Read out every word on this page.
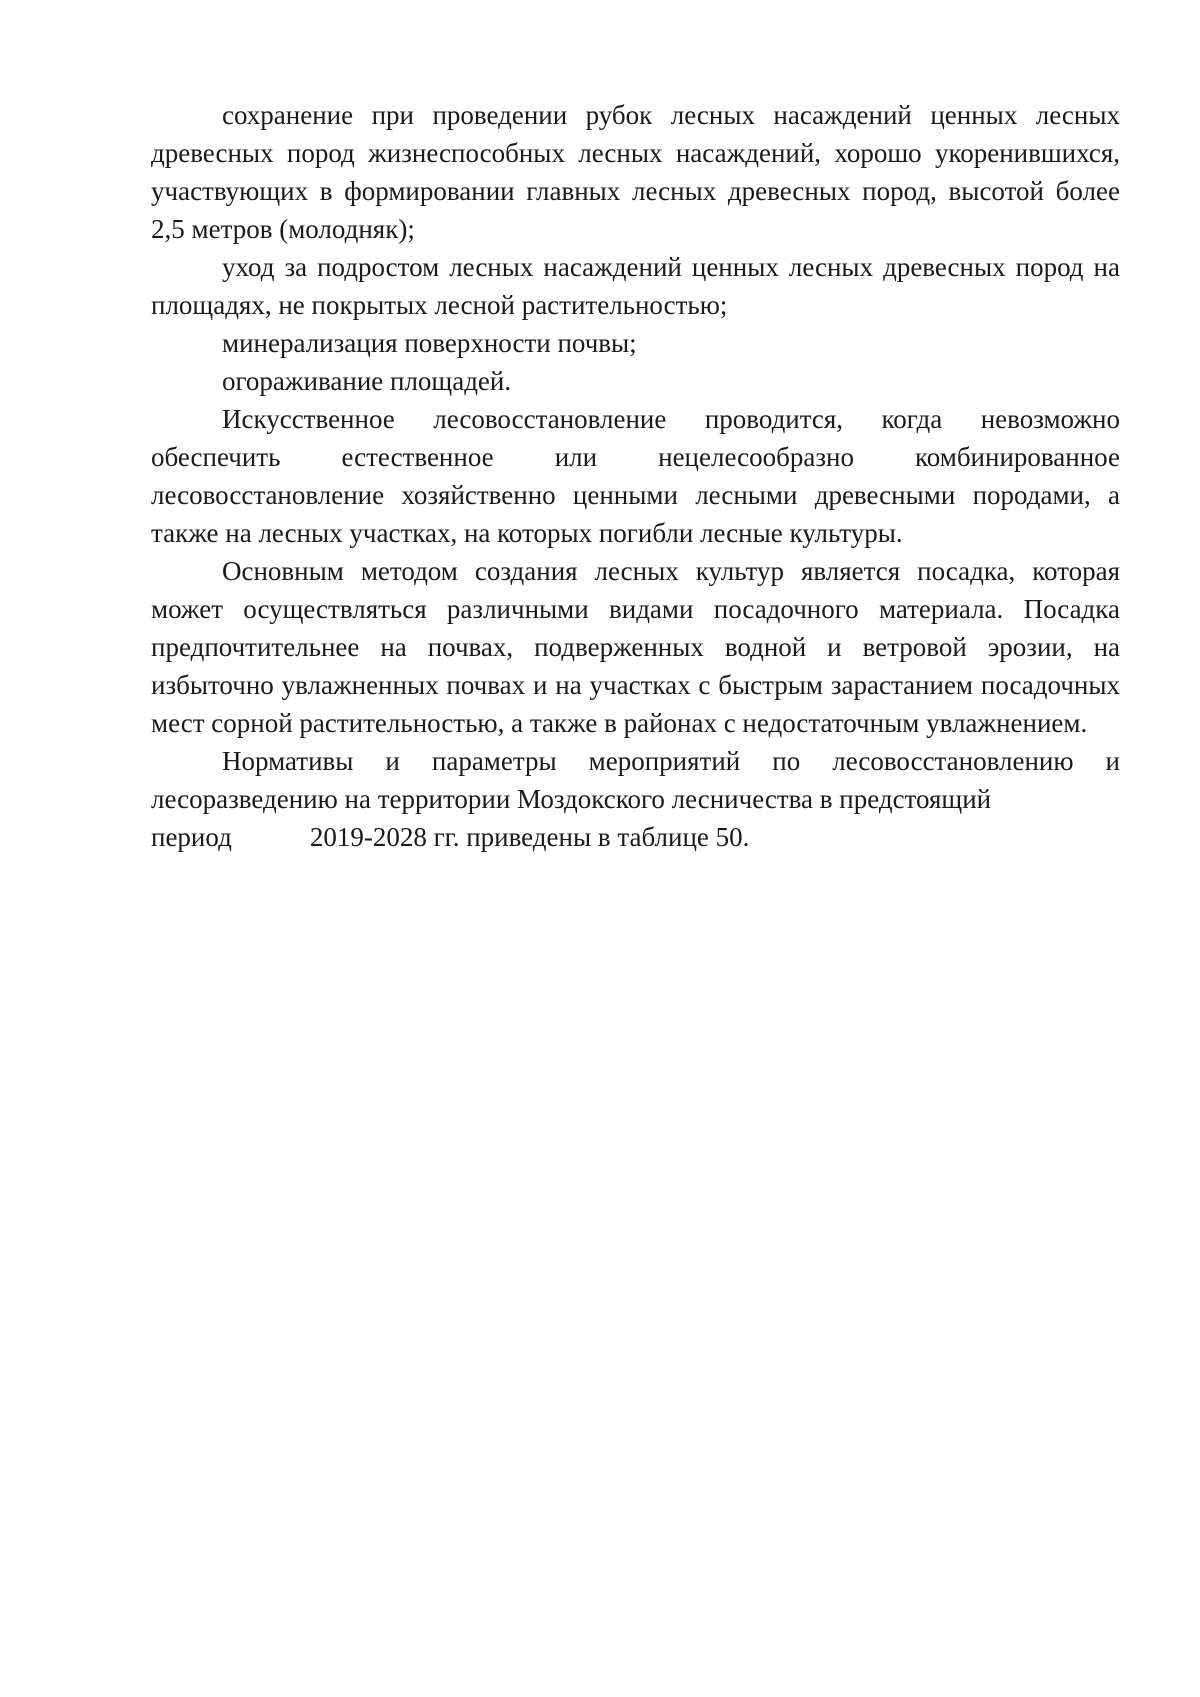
сохранение при проведении рубок лесных насаждений ценных лесных древесных пород жизнеспособных лесных насаждений, хорошо укоренившихся, участвующих в формировании главных лесных древесных пород, высотой более 2,5 метров (молодняк);

уход за подростом лесных насаждений ценных лесных древесных пород на площадях, не покрытых лесной растительностью;

минерализация поверхности почвы;

огораживание площадей.

Искусственное лесовосстановление проводится, когда невозможно обеспечить естественное или нецелесообразно комбинированное лесовосстановление хозяйственно ценными лесными древесными породами, а также на лесных участках, на которых погибли лесные культуры.

Основным методом создания лесных культур является посадка, которая может осуществляться различными видами посадочного материала. Посадка предпочтительнее на почвах, подверженных водной и ветровой эрозии, на избыточно увлажненных почвах и на участках с быстрым зарастанием посадочных мест сорной растительностью, а также в районах с недостаточным увлажнением.

Нормативы и параметры мероприятий по лесовосстановлению и лесоразведению на территории Моздокского лесничества в предстоящий

период	2019-2028 гг. приведены в таблице 50.
